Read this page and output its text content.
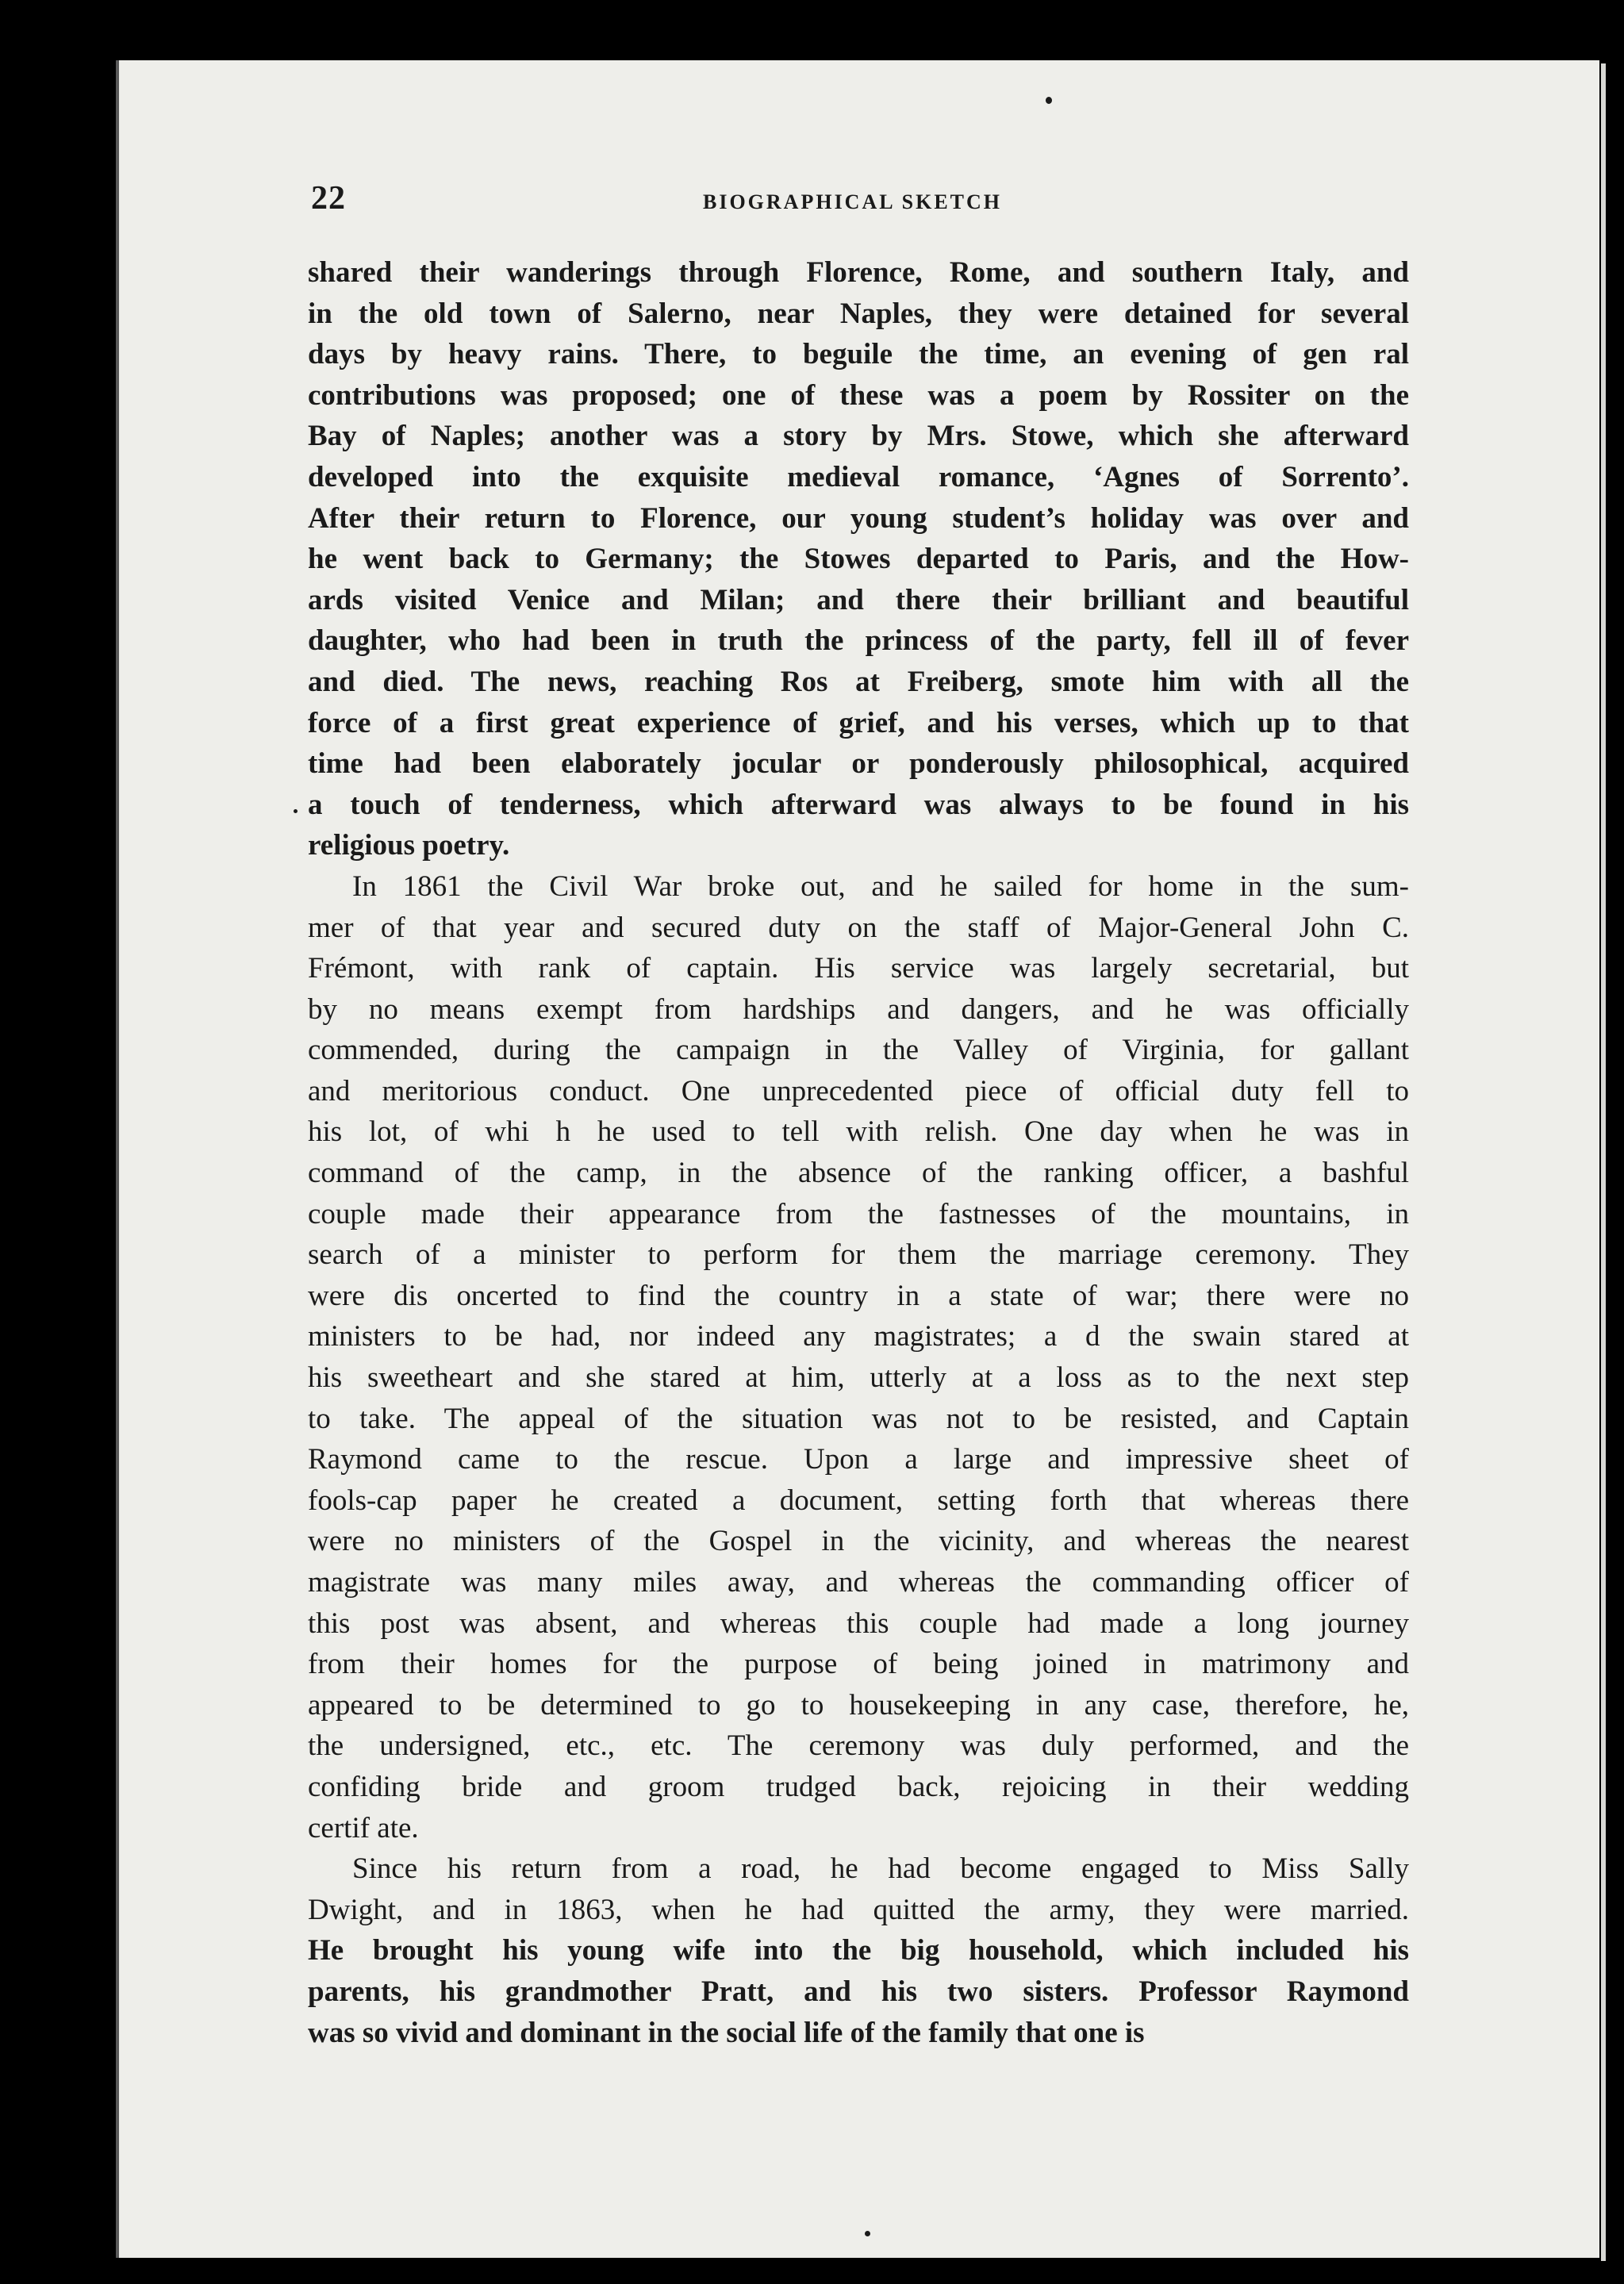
22	BIOGRAPHICAL SKETCH
shared their wanderings through Florence, Rome, and southern Italy, and
in the old town of Salerno, near Naples, they were detained for several
days by heavy rains. There, to beguile the time, an evening of gen ral
contributions was proposed; one of these was a poem by Rossiter on the
Bay of Naples; another was a story by Mrs. Stowe, which she afterward
developed into the exquisite medieval romance, ‘Agnes of Sorrento’.
After their return to Florence, our young student’s holiday was over and
he went back to Germany; the Stowes departed to Paris, and the How-
ards visited Venice and Milan; and there their brilliant and beautiful
daughter, who had been in truth the princess of the party, fell ill of fever
and died. The news, reaching Ros at Freiberg, smote him with all the
force of a first great experience of grief, and his verses, which up to that
time had been elaborately jocular or ponderously philosophical, acquired
a touch of tenderness, which afterward was always to be found in his
religious poetry.
In 1861 the Civil War broke out, and he sailed for home in the sum-
mer of that year and secured duty on the staff of Major-General John C.
Frémont, with rank of captain. His service was largely secretarial, but
by no means exempt from hardships and dangers, and he was officially
commended, during the campaign in the Valley of Virginia, for gallant
and meritorious conduct. One unprecedented piece of official duty fell to
his lot, of whi h he used to tell with relish. One day when he was in
command of the camp, in the absence of the ranking officer, a bashful
couple made their appearance from the fastnesses of the mountains, in
search of a minister to perform for them the marriage ceremony. They
were dis oncerted to find the country in a state of war; there were no
ministers to be had, nor indeed any magistrates; a d the swain stared at
his sweetheart and she stared at him, utterly at a loss as to the next step
to take. The appeal of the situation was not to be resisted, and Captain
Raymond came to the rescue. Upon a large and impressive sheet of
fools-cap paper he created a document, setting forth that whereas there
were no ministers of the Gospel in the vicinity, and whereas the nearest
magistrate was many miles away, and whereas the commanding officer of
this post was absent, and whereas this couple had made a long journey
from their homes for the purpose of being joined in matrimony and
appeared to be determined to go to housekeeping in any case, therefore, he,
the undersigned, etc., etc. The ceremony was duly performed, and the
confiding bride and groom trudged back, rejoicing in their wedding
certif ate.
Since his return from a road, he had become engaged to Miss Sally
Dwight, and in 1863, when he had quitted the army, they were married.
He brought his young wife into the big household, which included his
parents, his grandmother Pratt, and his two sisters. Professor Raymond
was so vivid and dominant in the social life of the family that one is
